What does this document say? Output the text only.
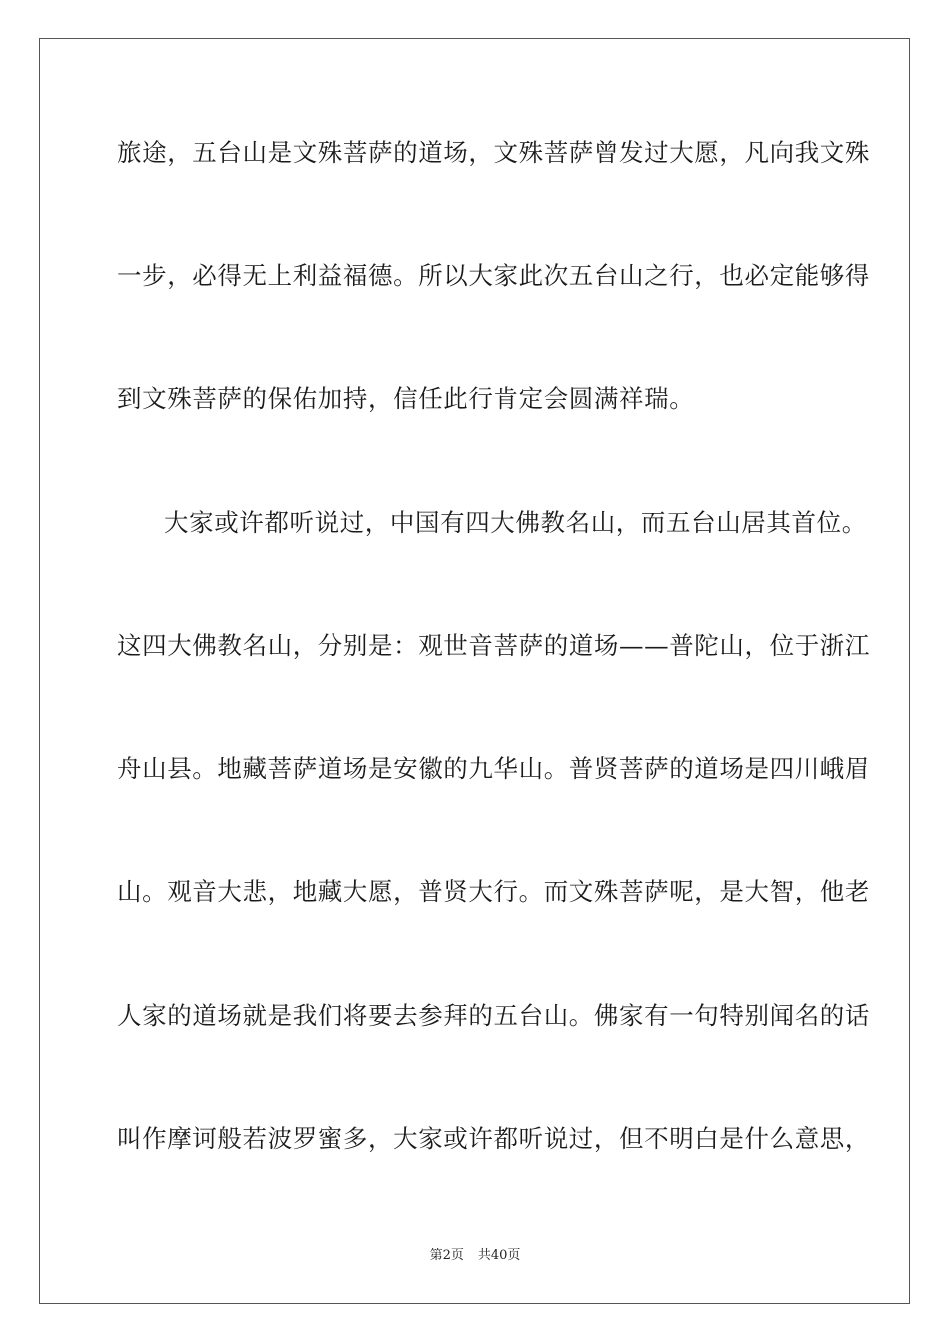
旅途，五台山是文殊菩萨的道场，文殊菩萨曾发过大愿，凡向我文殊
一步，必得无上利益福德。所以大家此次五台山之行，也必定能够得
到文殊菩萨的保佑加持，信任此行肯定会圆满祥瑞。
大家或许都听说过，中国有四大佛教名山，而五台山居其首位。
这四大佛教名山，分别是：观世音菩萨的道场——普陀山，位于浙江
舟山县。地藏菩萨道场是安徽的九华山。普贤菩萨的道场是四川峨眉
山。观音大悲，地藏大愿，普贤大行。而文殊菩萨呢，是大智，他老
人家的道场就是我们将要去参拜的五台山。佛家有一句特别闻名的话
叫作摩诃般若波罗蜜多，大家或许都听说过，但不明白是什么意思，
第2页 共40页
